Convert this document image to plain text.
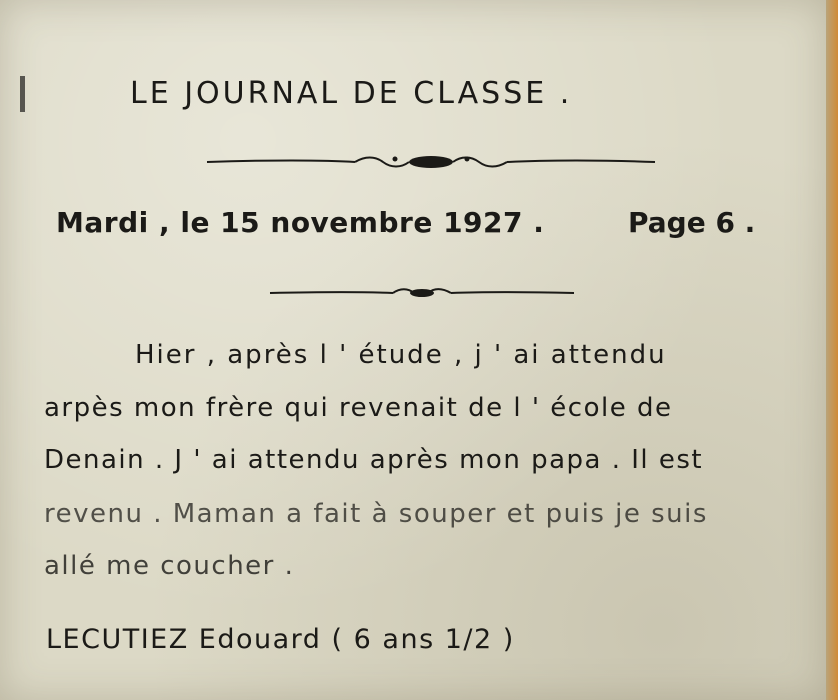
LE JOURNAL DE CLASSE .

Mardi , le 15 novembre 1927 .	Page 6 .

Hier , après l ' étude , j ' ai attendu

arpès mon frère qui revenait de l ' école de

Denain . J ' ai attendu après mon papa . Il est

revenu . Maman a fait à souper et puis je suis

allé me coucher .

LECUTIEZ Edouard ( 6 ans 1/2 )
